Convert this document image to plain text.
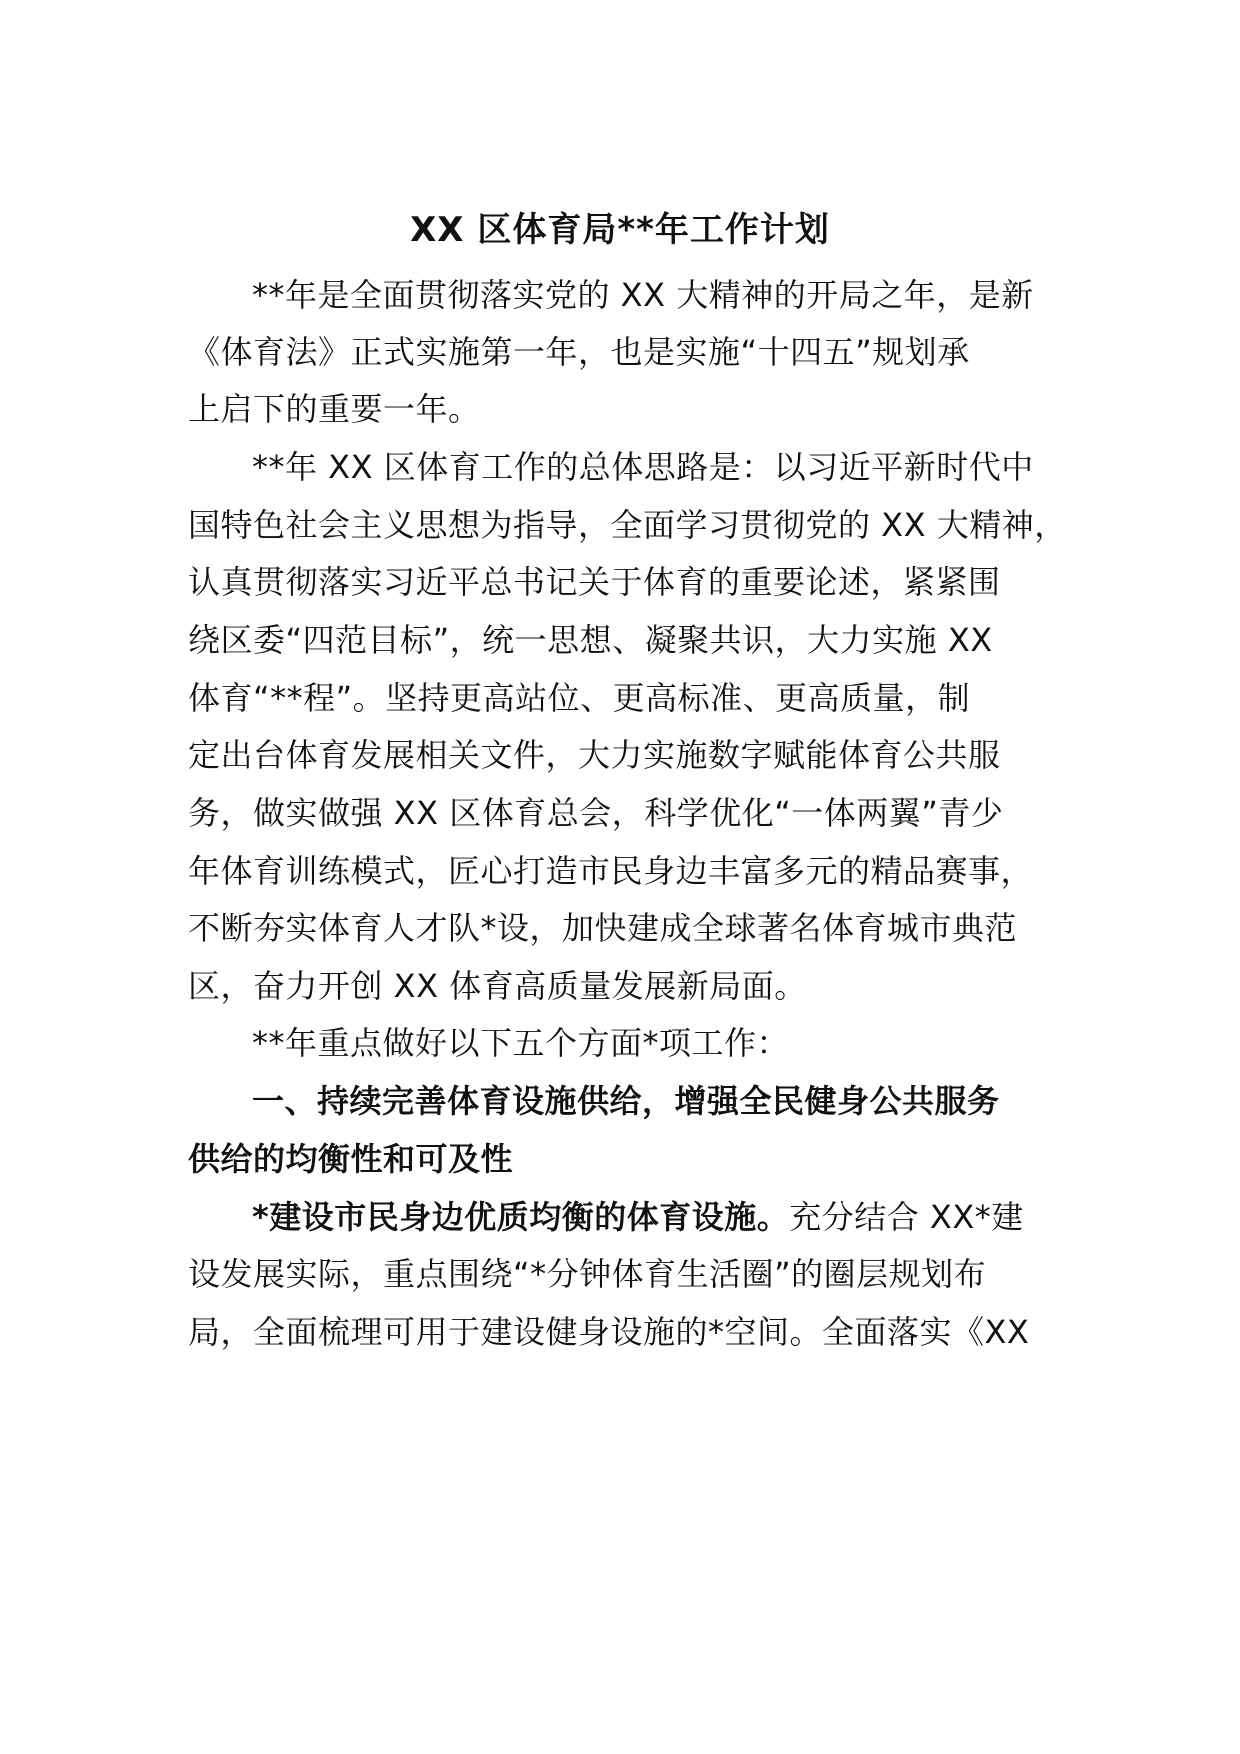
XX 区体育局**年工作计划
**年是全面贯彻落实党的 XX 大精神的开局之年，是新
《体育法》正式实施第一年，也是实施“十四五”规划承
上启下的重要一年。
**年 XX 区体育工作的总体思路是：以习近平新时代中
国特色社会主义思想为指导，全面学习贯彻党的 XX 大精神，
认真贯彻落实习近平总书记关于体育的重要论述，紧紧围
绕区委“四范目标”，统一思想、凝聚共识，大力实施 XX
体育“**程”。坚持更高站位、更高标准、更高质量，制
定出台体育发展相关文件，大力实施数字赋能体育公共服
务，做实做强 XX 区体育总会，科学优化“一体两翼”青少
年体育训练模式，匠心打造市民身边丰富多元的精品赛事，
不断夯实体育人才队*设，加快建成全球著名体育城市典范
区，奋力开创 XX 体育高质量发展新局面。
**年重点做好以下五个方面*项工作：
一、持续完善体育设施供给，增强全民健身公共服务
供给的均衡性和可及性
*建设市民身边优质均衡的体育设施。充分结合 XX*建
设发展实际，重点围绕“*分钟体育生活圈”的圈层规划布
局，全面梳理可用于建设健身设施的*空间。全面落实《XX
